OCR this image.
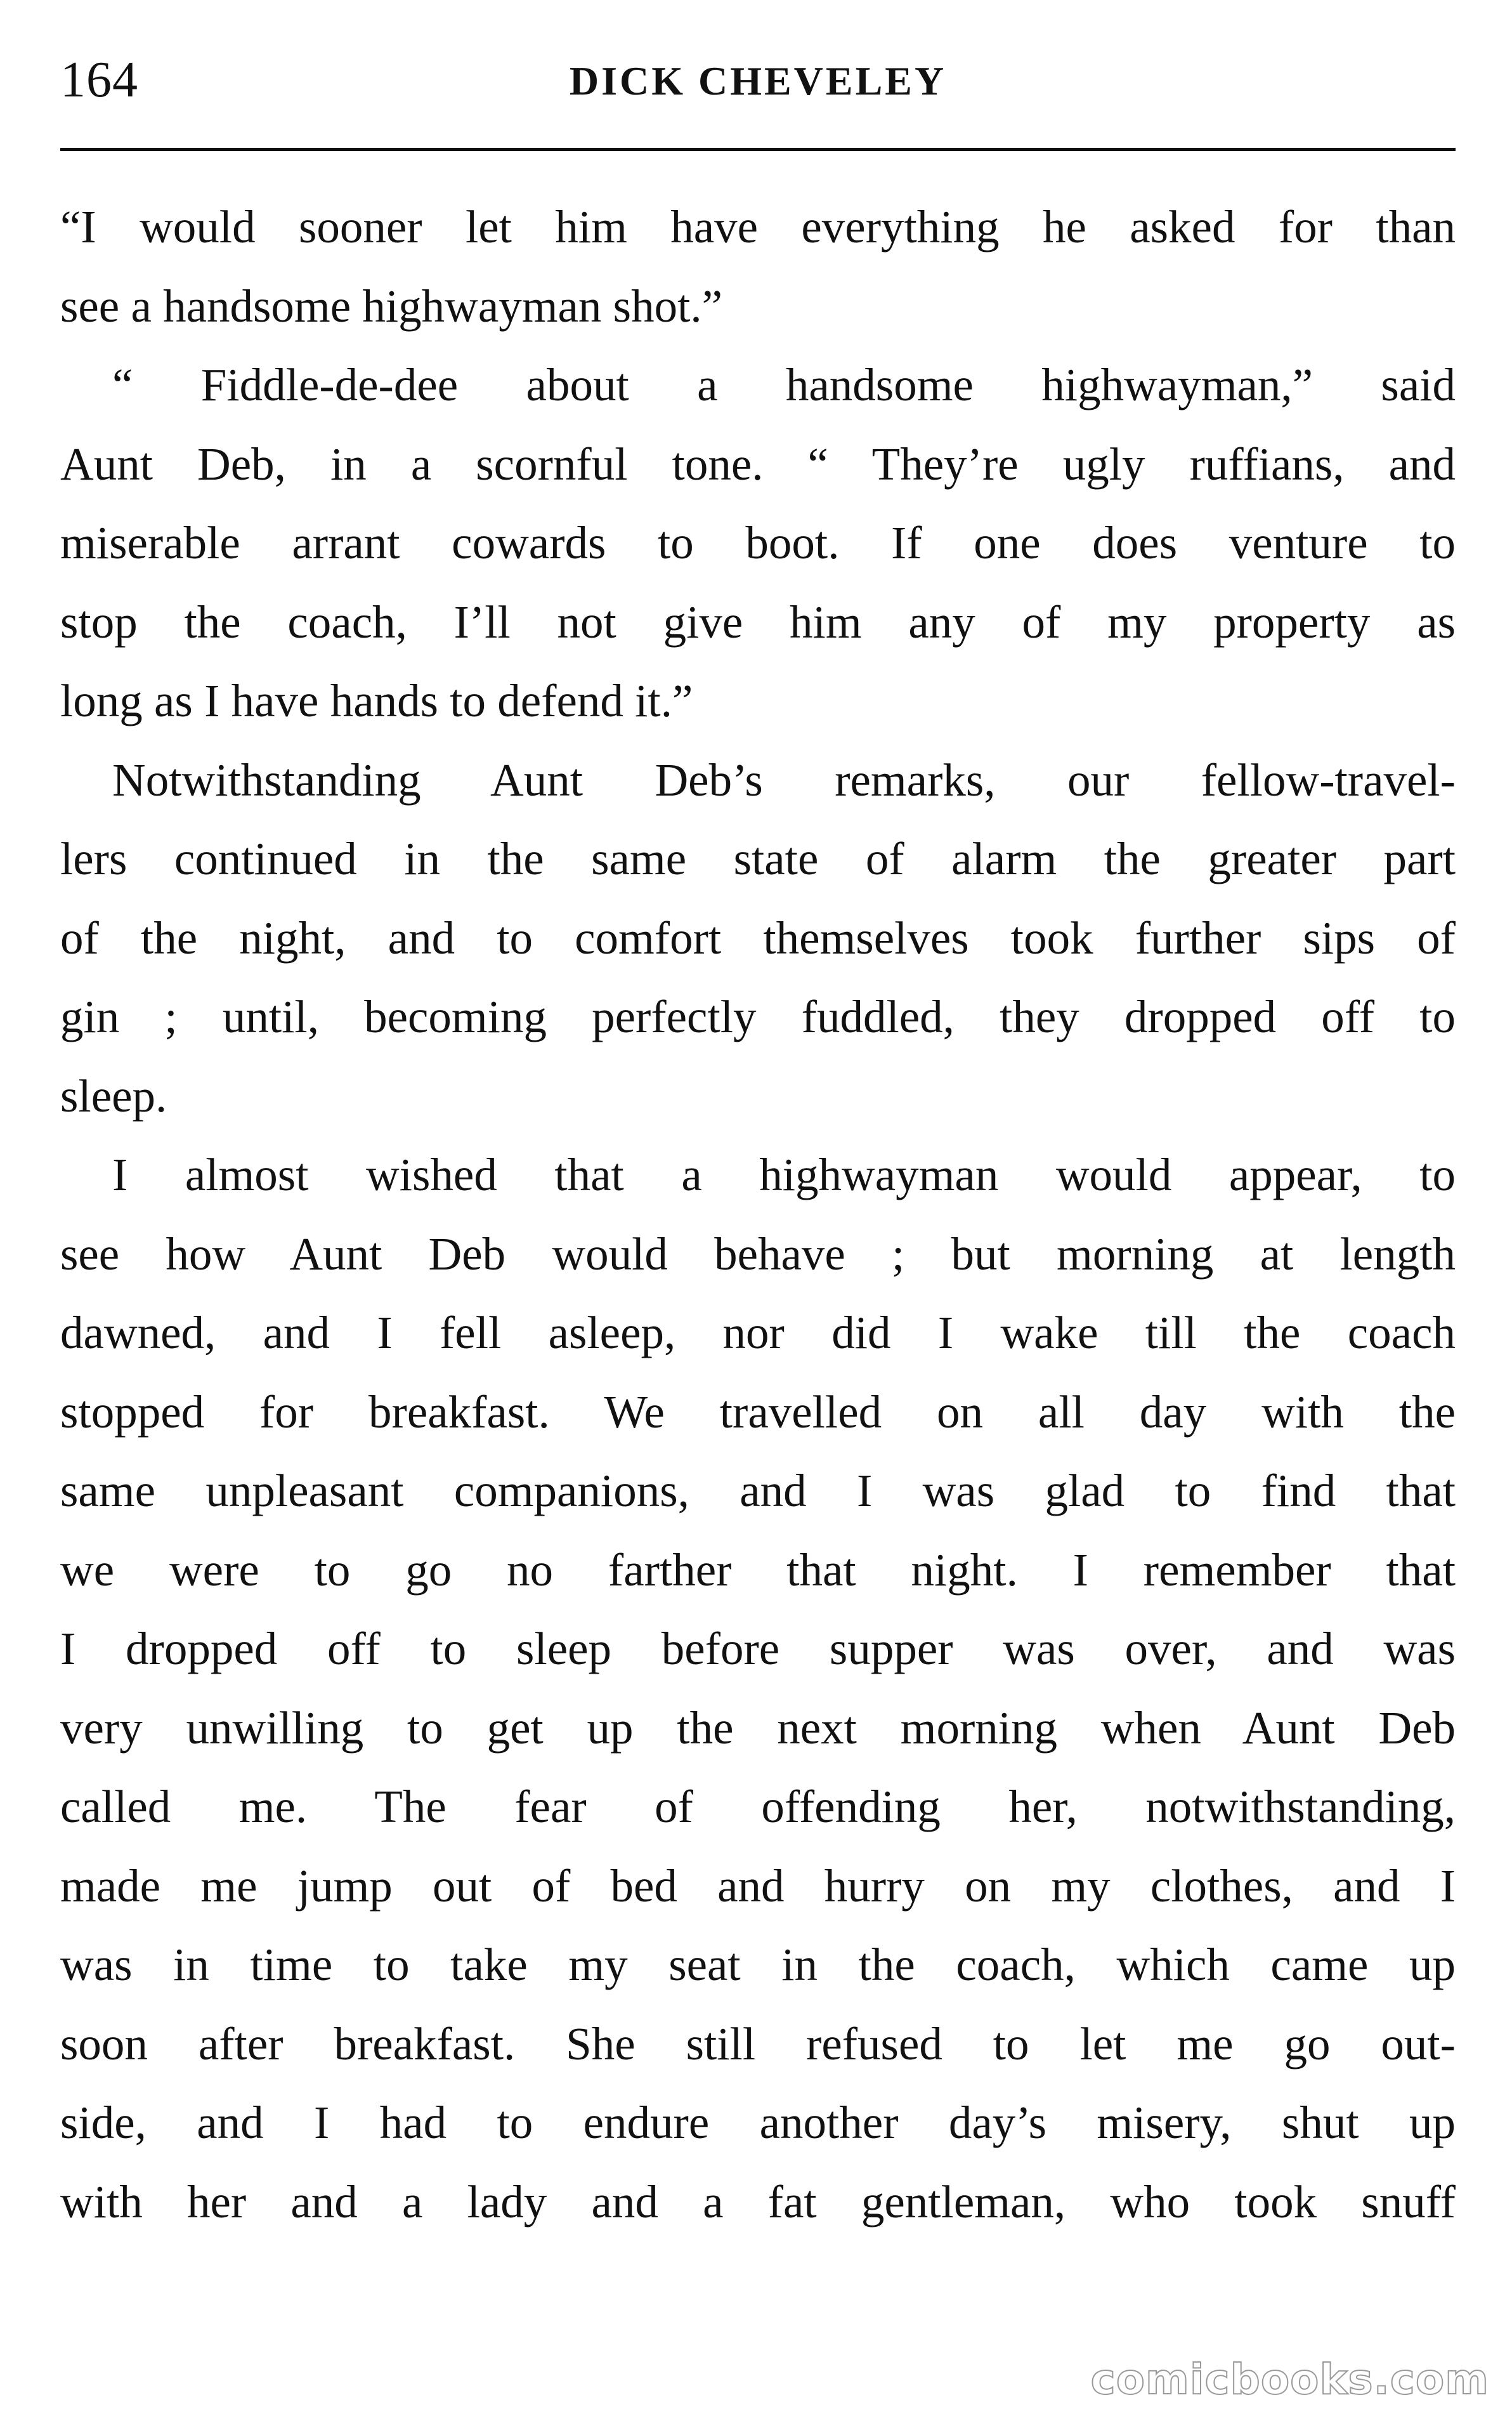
164	DICK CHEVELEY
“I would sooner let him have everything he asked for than
see a handsome highwayman shot.”
“ Fiddle-de-dee about a handsome highwayman,” said
Aunt Deb, in a scornful tone. “ They’re ugly ruffians, and
miserable arrant cowards to boot. If one does venture to
stop the coach, I’ll not give him any of my property as
long as I have hands to defend it.”
Notwithstanding Aunt Deb’s remarks, our fellow-travel-
lers continued in the same state of alarm the greater part
of the night, and to comfort themselves took further sips of
gin ; until, becoming perfectly fuddled, they dropped off to
sleep.
I almost wished that a highwayman would appear, to
see how Aunt Deb would behave ; but morning at length
dawned, and I fell asleep, nor did I wake till the coach
stopped for breakfast. We travelled on all day with the
same unpleasant companions, and I was glad to find that
we were to go no farther that night. I remember that
I dropped off to sleep before supper was over, and was
very unwilling to get up the next morning when Aunt Deb
called me. The fear of offending her, notwithstanding,
made me jump out of bed and hurry on my clothes, and I
was in time to take my seat in the coach, which came up
soon after breakfast. She still refused to let me go out-
side, and I had to endure another day’s misery, shut up
with her and a lady and a fat gentleman, who took snuff
comicbooks.com
